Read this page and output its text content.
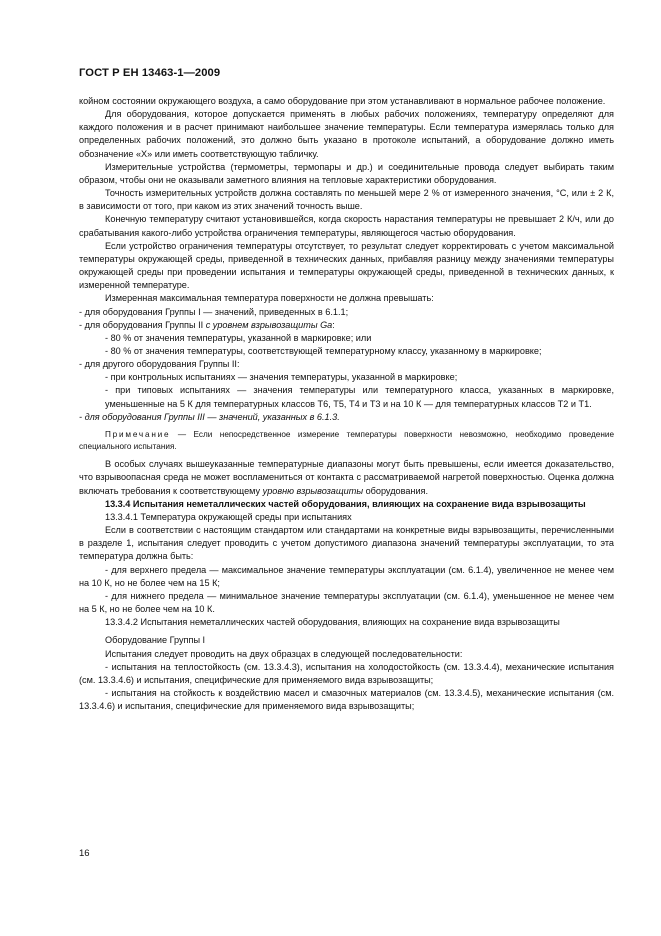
ГОСТ Р ЕН 13463-1—2009

койном состоянии окружающего воздуха, а само оборудование при этом устанавливают в нормальное рабочее положение.

Для оборудования, которое допускается применять в любых рабочих положениях, температуру определяют для каждого положения и в расчет принимают наибольшее значение температуры. Если температура измерялась только для определенных рабочих положений, это должно быть указано в протоколе испытаний, а оборудование должно иметь обозначение «X» или иметь соответствующую табличку.

Измерительные устройства (термометры, термопары и др.) и соединительные провода следует выбирать таким образом, чтобы они не оказывали заметного влияния на тепловые характеристики оборудования.

Точность измерительных устройств должна составлять по меньшей мере 2 % от измеренного значения, °С, или ± 2 К, в зависимости от того, при каком из этих значений точность выше.

Конечную температуру считают установившейся, когда скорость нарастания температуры не превышает 2 К/ч, или до срабатывания какого-либо устройства ограничения температуры, являющегося частью оборудования.

Если устройство ограничения температуры отсутствует, то результат следует корректировать с учетом максимальной температуры окружающей среды, приведенной в технических данных, прибавляя разницу между значениями температуры окружающей среды при проведении испытания и температуры окружающей среды, приведенной в технических данных, к измеренной температуре.

Измеренная максимальная температура поверхности не должна превышать:

- для оборудования Группы I — значений, приведенных в 6.1.1;

- для оборудования Группы II с уровнем взрывозащиты Ga:

- 80 % от значения температуры, указанной в маркировке; или

- 80 % от значения температуры, соответствующей температурному классу, указанному в маркировке;

- для другого оборудования Группы II:

- при контрольных испытаниях — значения температуры, указанной в маркировке;

- при типовых испытаниях — значения температуры или температурного класса, указанных в маркировке, уменьшенные на 5 К для температурных классов Т6, Т5, Т4 и Т3 и на 10 К — для температурных классов Т2 и Т1.

- для оборудования Группы III — значений, указанных в 6.1.3.

Примечание — Если непосредственное измерение температуры поверхности невозможно, необходимо проведение специального испытания.

В особых случаях вышеуказанные температурные диапазоны могут быть превышены, если имеется доказательство, что взрывоопасная среда не может воспламениться от контакта с рассматриваемой нагретой поверхностью. Оценка должна включать требования к соответствующему уровню взрывозащиты оборудования.

13.3.4 Испытания неметаллических частей оборудования, влияющих на сохранение вида взрывозащиты

13.3.4.1 Температура окружающей среды при испытаниях

Если в соответствии с настоящим стандартом или стандартами на конкретные виды взрывозащиты, перечисленными в разделе 1, испытания следует проводить с учетом допустимого диапазона значений температуры эксплуатации, то эта температура должна быть:

- для верхнего предела — максимальное значение температуры эксплуатации (см. 6.1.4), увеличенное не менее чем на 10 К, но не более чем на 15 К;

- для нижнего предела — минимальное значение температуры эксплуатации (см. 6.1.4), уменьшенное не менее чем на 5 К, но не более чем на 10 К.

13.3.4.2 Испытания неметаллических частей оборудования, влияющих на сохранение вида взрывозащиты

Оборудование Группы I

Испытания следует проводить на двух образцах в следующей последовательности:

- испытания на теплостойкость (см. 13.3.4.3), испытания на холодостойкость (см. 13.3.4.4), механические испытания (см. 13.3.4.6) и испытания, специфические для применяемого вида взрывозащиты;

- испытания на стойкость к воздействию масел и смазочных материалов (см. 13.3.4.5), механические испытания (см. 13.3.4.6) и испытания, специфические для применяемого вида взрывозащиты;

16
